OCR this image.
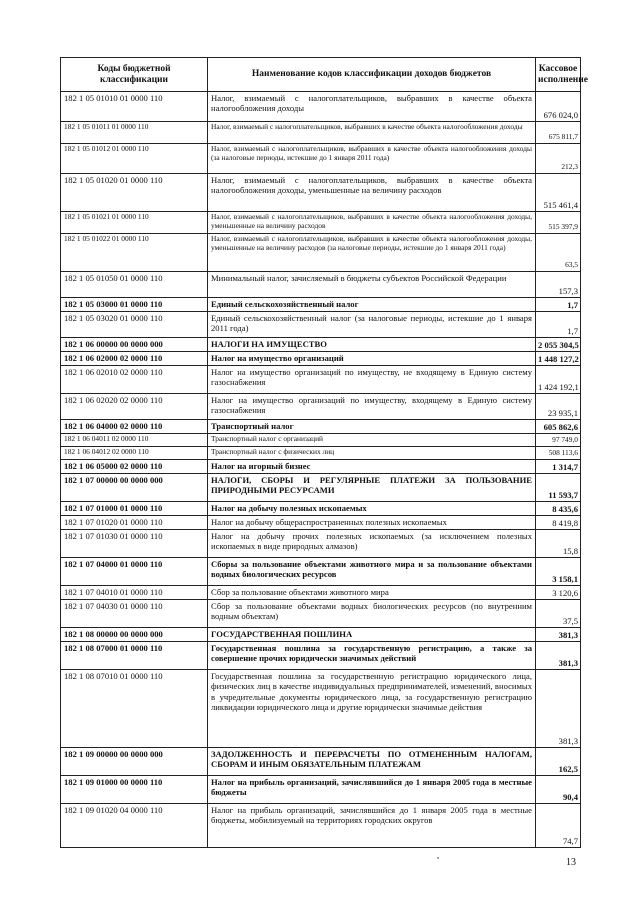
Коды бюджетной классификации	Наименование кодов классификации доходов бюджетов	Кассовое исполнение
182 1 05 01010 01 0000 110	Налог, взимаемый с налогоплательщиков, выбравших в качестве объекта налогообложения доходы	676 024,0
182 1 05 01011 01 0000 110	Налог, взимаемый с налогоплательщиков, выбравших в качестве объекта налогообложения доходы	675 811,7
182 1 05 01012 01 0000 110	Налог, взимаемый с налогоплательщиков, выбравших в качестве объекта налогообложения доходы (за налоговые периоды, истекшие до 1 января 2011 года)	212,3
182 1 05 01020 01 0000 110	Налог, взимаемый с налогоплательщиков, выбравших в качестве объекта налогообложения доходы, уменьшенные на величину расходов	515 461,4
182 1 05 01021 01 0000 110	Налог, взимаемый с налогоплательщиков, выбравших в качестве объекта налогообложения доходы, уменьшенные на величину расходов	515 397,9
182 1 05 01022 01 0000 110	Налог, взимаемый с налогоплательщиков, выбравших в качестве объекта налогообложения доходы, уменьшенные на величину расходов (за налоговые периоды, истекшие до 1 января 2011 года)	63,5
182 1 05 01050 01 0000 110	Минимальный налог, зачисляемый в бюджеты субъектов Российской Федерации	157,3
182 1 05 03000 01 0000 110	Единый сельскохозяйственный налог	1,7
182 1 05 03020 01 0000 110	Единый сельскохозяйственный налог (за налоговые периоды, истекшие до 1 января 2011 года)	1,7
182 1 06 00000 00 0000 000	НАЛОГИ НА ИМУЩЕСТВО	2 055 304,5
182 1 06 02000 02 0000 110	Налог на имущество организаций	1 448 127,2
182 1 06 02010 02 0000 110	Налог на имущество организаций по имуществу, не входящему в Единую систему газоснабжения	1 424 192,1
182 1 06 02020 02 0000 110	Налог на имущество организаций по имуществу, входящему в Единую систему газоснабжения	23 935,1
182 1 06 04000 02 0000 110	Транспортный налог	605 862,6
182 1 06 04011 02 0000 110	Транспортный налог с организаций	97 749,0
182 1 06 04012 02 0000 110	Транспортный налог с физических лиц	508 113,6
182 1 06 05000 02 0000 110	Налог на игорный бизнес	1 314,7
182 1 07 00000 00 0000 000	НАЛОГИ, СБОРЫ И РЕГУЛЯРНЫЕ ПЛАТЕЖИ ЗА ПОЛЬЗОВАНИЕ ПРИРОДНЫМИ РЕСУРСАМИ	11 593,7
182 1 07 01000 01 0000 110	Налог на добычу полезных ископаемых	8 435,6
182 1 07 01020 01 0000 110	Налог на добычу общераспространенных полезных ископаемых	8 419,8
182 1 07 01030 01 0000 110	Налог на добычу прочих полезных ископаемых (за исключением полезных ископаемых в виде природных алмазов)	15,8
182 1 07 04000 01 0000 110	Сборы за пользование объектами животного мира и за пользование объектами водных биологических ресурсов	3 158,1
182 1 07 04010 01 0000 110	Сбор за пользование объектами животного мира	3 120,6
182 1 07 04030 01 0000 110	Сбор за пользование объектами водных биологических ресурсов (по внутренним водным объектам)	37,5
182 1 08 00000 00 0000 000	ГОСУДАРСТВЕННАЯ ПОШЛИНА	381,3
182 1 08 07000 01 0000 110	Государственная пошлина за государственную регистрацию, а также за совершение прочих юридически значимых действий	381,3
182 1 08 07010 01 0000 110	Государственная пошлина за государственную регистрацию юридического лица, физических лиц в качестве индивидуальных предпринимателей, изменений, вносимых в учредительные документы юридического лица, за государственную регистрацию ликвидации юридического лица и другие юридически значимые действия	381,3
182 1 09 00000 00 0000 000	ЗАДОЛЖЕННОСТЬ И ПЕРЕРАСЧЕТЫ ПО ОТМЕНЕННЫМ НАЛОГАМ, СБОРАМ И ИНЫМ ОБЯЗАТЕЛЬНЫМ ПЛАТЕЖАМ	162,5
182 1 09 01000 00 0000 110	Налог на прибыль организаций, зачислявшийся до 1 января 2005 года в местные бюджеты	90,4
182 1 09 01020 04 0000 110	Налог на прибыль организаций, зачислявшийся до 1 января 2005 года в местные бюджеты, мобилизуемый на территориях городских округов	74,7
13
